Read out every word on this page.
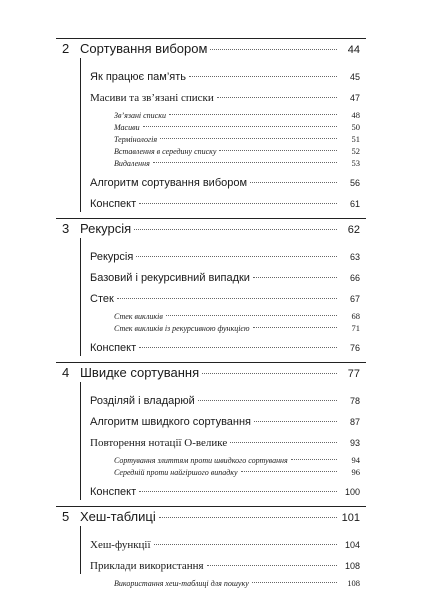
2 Сортування вибором	44
Як працює пам’ять	45
Масиви та зв’язані списки	47
Зв’язані списки	48
Масиви	50
Термінологія	51
Вставлення в середину списку	52
Видалення	53
Алгоритм сортування вибором	56
Конспект	61
3 Рекурсія	62
Рекурсія	63
Базовий і рекурсивний випадки	66
Стек	67
Стек викликів	68
Стек викликів із рекурсивною функцією	71
Конспект	76
4 Швидке сортування	77
Розділяй і владарюй	78
Алгоритм швидкого сортування	87
Повторення нотації О-велике	93
Сортування злиттям проти швидкого сортування	94
Середній проти найгіршого випадку	96
Конспект	100
5 Хеш-таблиці	101
Хеш-функції	104
Приклади використання	108
Використання хеш-таблиці для пошуку	108
